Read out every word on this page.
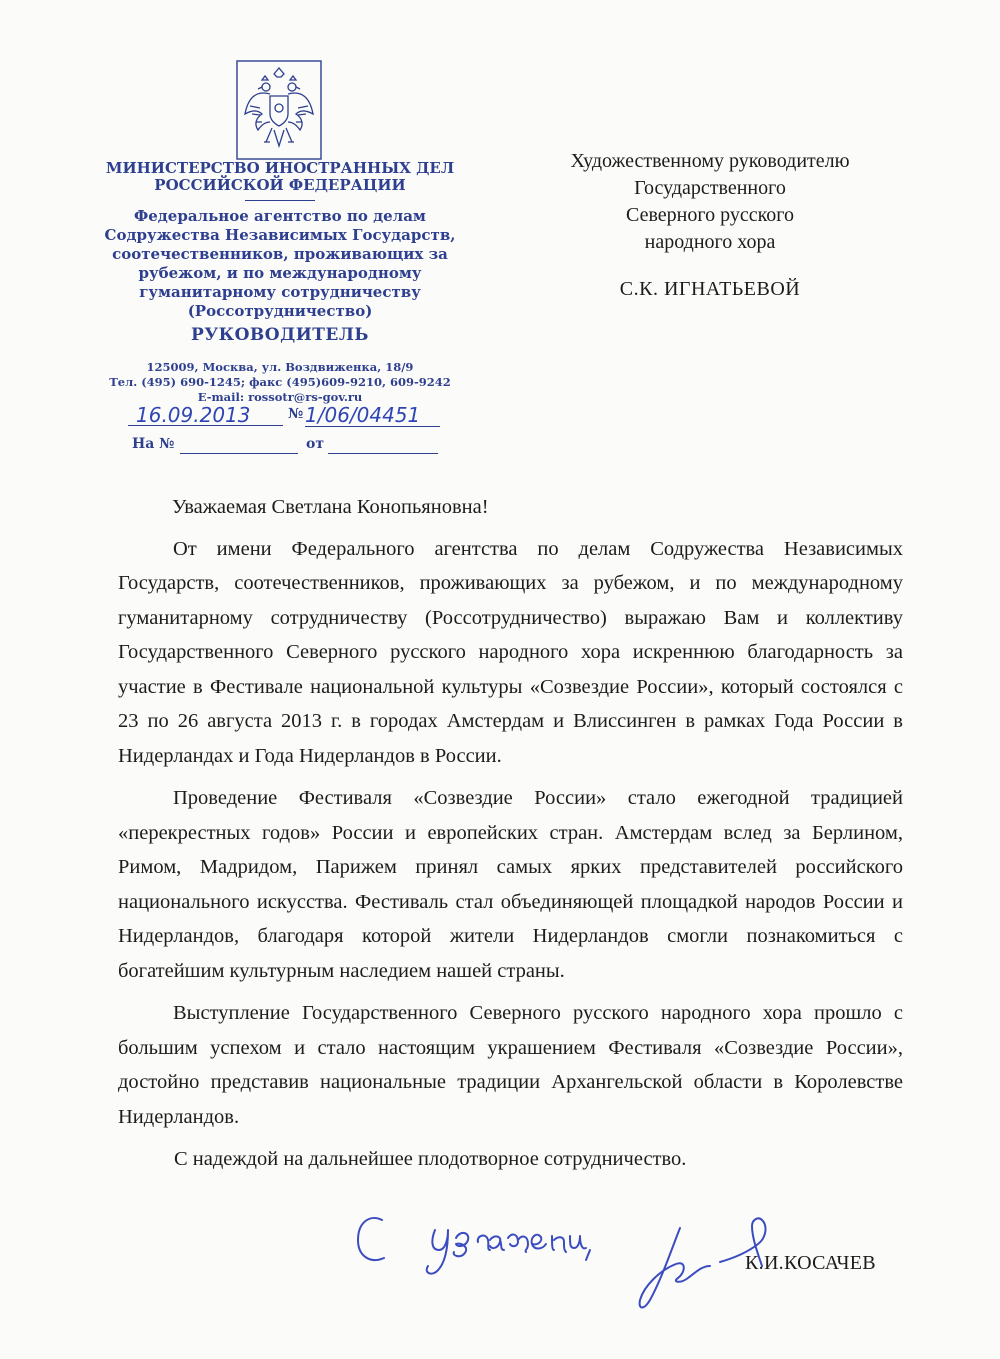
МИНИСТЕРСТВО ИНОСТРАННЫХ ДЕЛ
РОССИЙСКОЙ ФЕДЕРАЦИИ
Федеральное агентство по делам
Содружества Независимых Государств,
соотечественников, проживающих за
рубежом, и по международному
гуманитарному сотрудничеству
(Россотрудничество)
РУКОВОДИТЕЛЬ
125009, Москва, ул. Воздвиженка, 18/9
Тел. (495) 690-1245; факс (495)609-9210, 609-9242
E-mail: rossotr@rs-gov.ru
16.09.2013	№ 1/06/04451
На №	от
Художественному руководителю
Государственного
Северного русского
народного хора
С.К. ИГНАТЬЕВОЙ
Уважаемая Светлана Конопьяновна!

От имени Федерального агентства по делам Содружества Независимых Государств, соотечественников, проживающих за рубежом, и по международному гуманитарному сотрудничеству (Россотрудничество) выражаю Вам и коллективу Государственного Северного русского народного хора искреннюю благодарность за участие в Фестивале национальной культуры «Созвездие России», который состоялся с 23 по 26 августа 2013 г. в городах Амстердам и Влиссинген в рамках Года России в Нидерландах и Года Нидерландов в России.

Проведение Фестиваля «Созвездие России» стало ежегодной традицией «перекрестных годов» России и европейских стран. Амстердам вслед за Берлином, Римом, Мадридом, Парижем принял самых ярких представителей российского национального искусства. Фестиваль стал объединяющей площадкой народов России и Нидерландов, благодаря которой жители Нидерландов смогли познакомиться с богатейшим культурным наследием нашей страны.

Выступление Государственного Северного русского народного хора прошло с большим успехом и стало настоящим украшением Фестиваля «Созвездие России», достойно представив национальные традиции Архангельской области в Королевстве Нидерландов.

С надеждой на дальнейшее плодотворное сотрудничество.
К.И.КОСАЧЕВ
